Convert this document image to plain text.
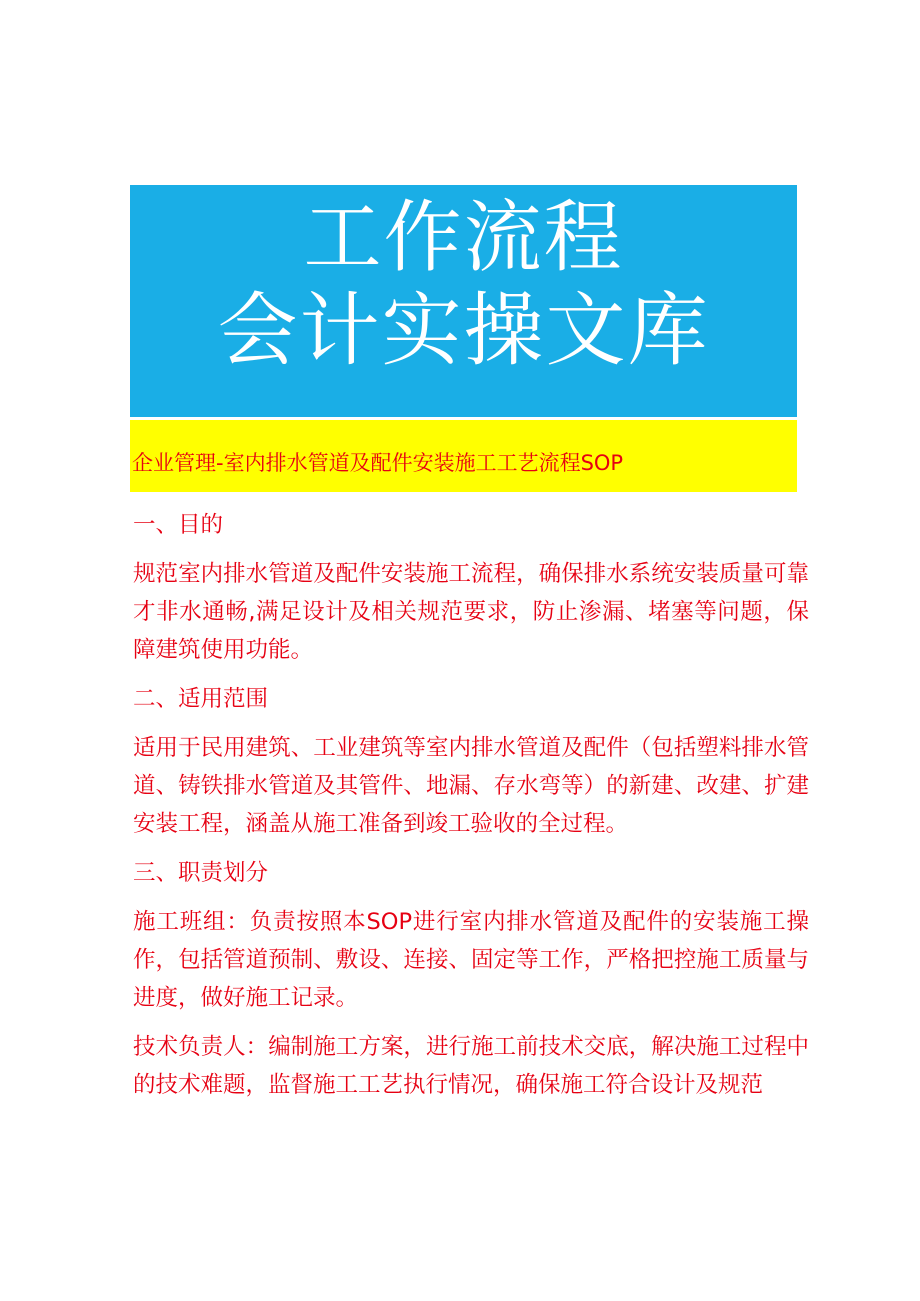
工作流程
会计实操文库
企业管理-室内排水管道及配件安装施工工艺流程SOP

一、目的

规范室内排水管道及配件安装施工流程，确保排水系统安装质量可靠才非水通畅,满足设计及相关规范要求，防止渗漏、堵塞等问题，保障建筑使用功能。

二、适用范围

适用于民用建筑、工业建筑等室内排水管道及配件（包括塑料排水管道、铸铁排水管道及其管件、地漏、存水弯等）的新建、改建、扩建安装工程，涵盖从施工准备到竣工验收的全过程。

三、职责划分

施工班组：负责按照本SOP进行室内排水管道及配件的安装施工操作，包括管道预制、敷设、连接、固定等工作，严格把控施工质量与进度，做好施工记录。

技术负责人：编制施工方案，进行施工前技术交底，解决施工过程中的技术难题，监督施工工艺执行情况，确保施工符合设计及规范
